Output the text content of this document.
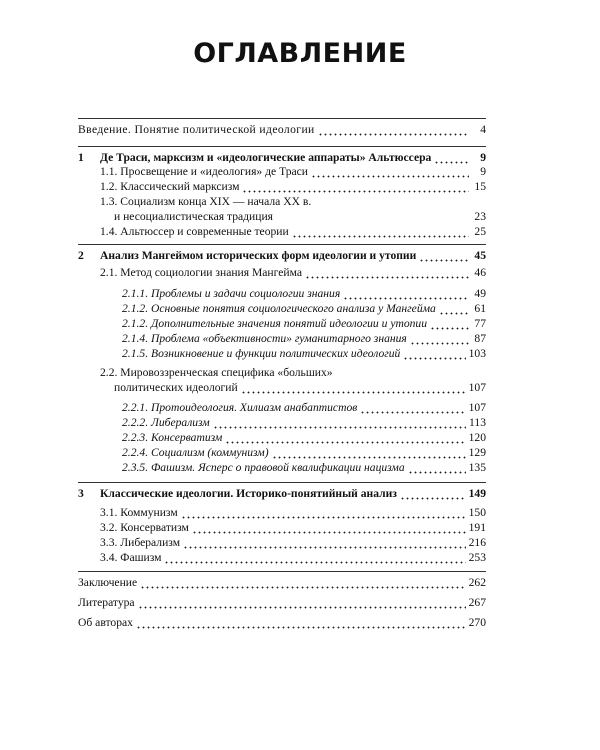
ОГЛАВЛЕНИЕ
Введение. Понятие политической идеологии	4
1	Де Траси, марксизм и «идеологические аппараты» Альтюссера	9
1.1. Просвещение и «идеология» де Траси	9
1.2. Классический марксизм	15
1.3. Социализм конца XIX — начала XX в.
и несоциалистическая традиция	23
1.4. Альтюссер и современные теории	25
2	Анализ Мангеймом исторических форм идеологии и утопии	45
2.1. Метод социологии знания Мангейма	46
2.1.1. Проблемы и задачи социологии знания	49
2.1.2. Основные понятия социологического анализа у Мангейма	61
2.1.2. Дополнительные значения понятий идеологии и утопии	77
2.1.4. Проблема «объективности» гуманитарного знания	87
2.1.5. Возникновение и функции политических идеологий	103
2.2. Мировоззренческая специфика «больших»
политических идеологий	107
2.2.1. Протоидеология. Хилиазм анабаптистов	107
2.2.2. Либерализм	113
2.2.3. Консерватизм	120
2.2.4. Социализм (коммунизм)	129
2.3.5. Фашизм. Ясперс о правовой квалификации нацизма	135
3	Классические идеологии. Историко-понятийный анализ	149
3.1. Коммунизм	150
3.2. Консерватизм	191
3.3. Либерализм	216
3.4. Фашизм	253
Заключение	262
Литература	267
Об авторах	270
